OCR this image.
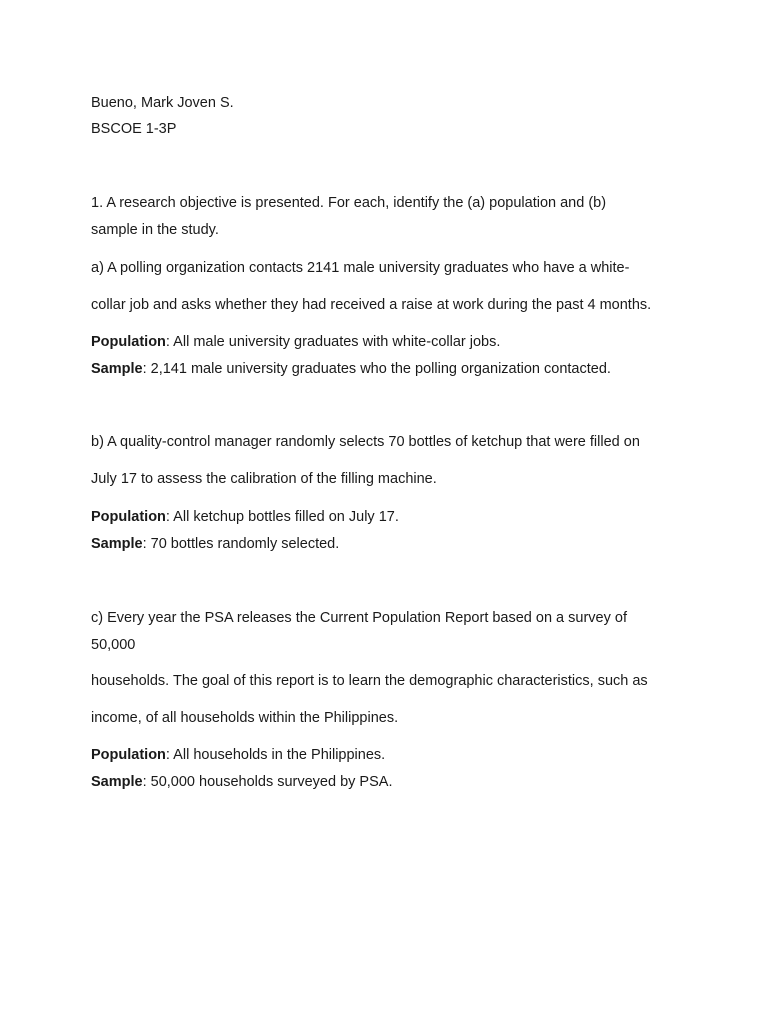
Bueno, Mark Joven S.
BSCOE 1-3P
1. A research objective is presented. For each, identify the (a) population and (b)
sample in the study.
a) A polling organization contacts 2141 male university graduates who have a white-
collar job and asks whether they had received a raise at work during the past 4 months.
Population: All male university graduates with white-collar jobs.
Sample: 2,141 male university graduates who the polling organization contacted.
b) A quality-control manager randomly selects 70 bottles of ketchup that were filled on
July 17 to assess the calibration of the filling machine.
Population: All ketchup bottles filled on July 17.
Sample: 70 bottles randomly selected.
c) Every year the PSA releases the Current Population Report based on a survey of
50,000
households. The goal of this report is to learn the demographic characteristics, such as
income, of all households within the Philippines.
Population: All households in the Philippines.
Sample: 50,000 households surveyed by PSA.
